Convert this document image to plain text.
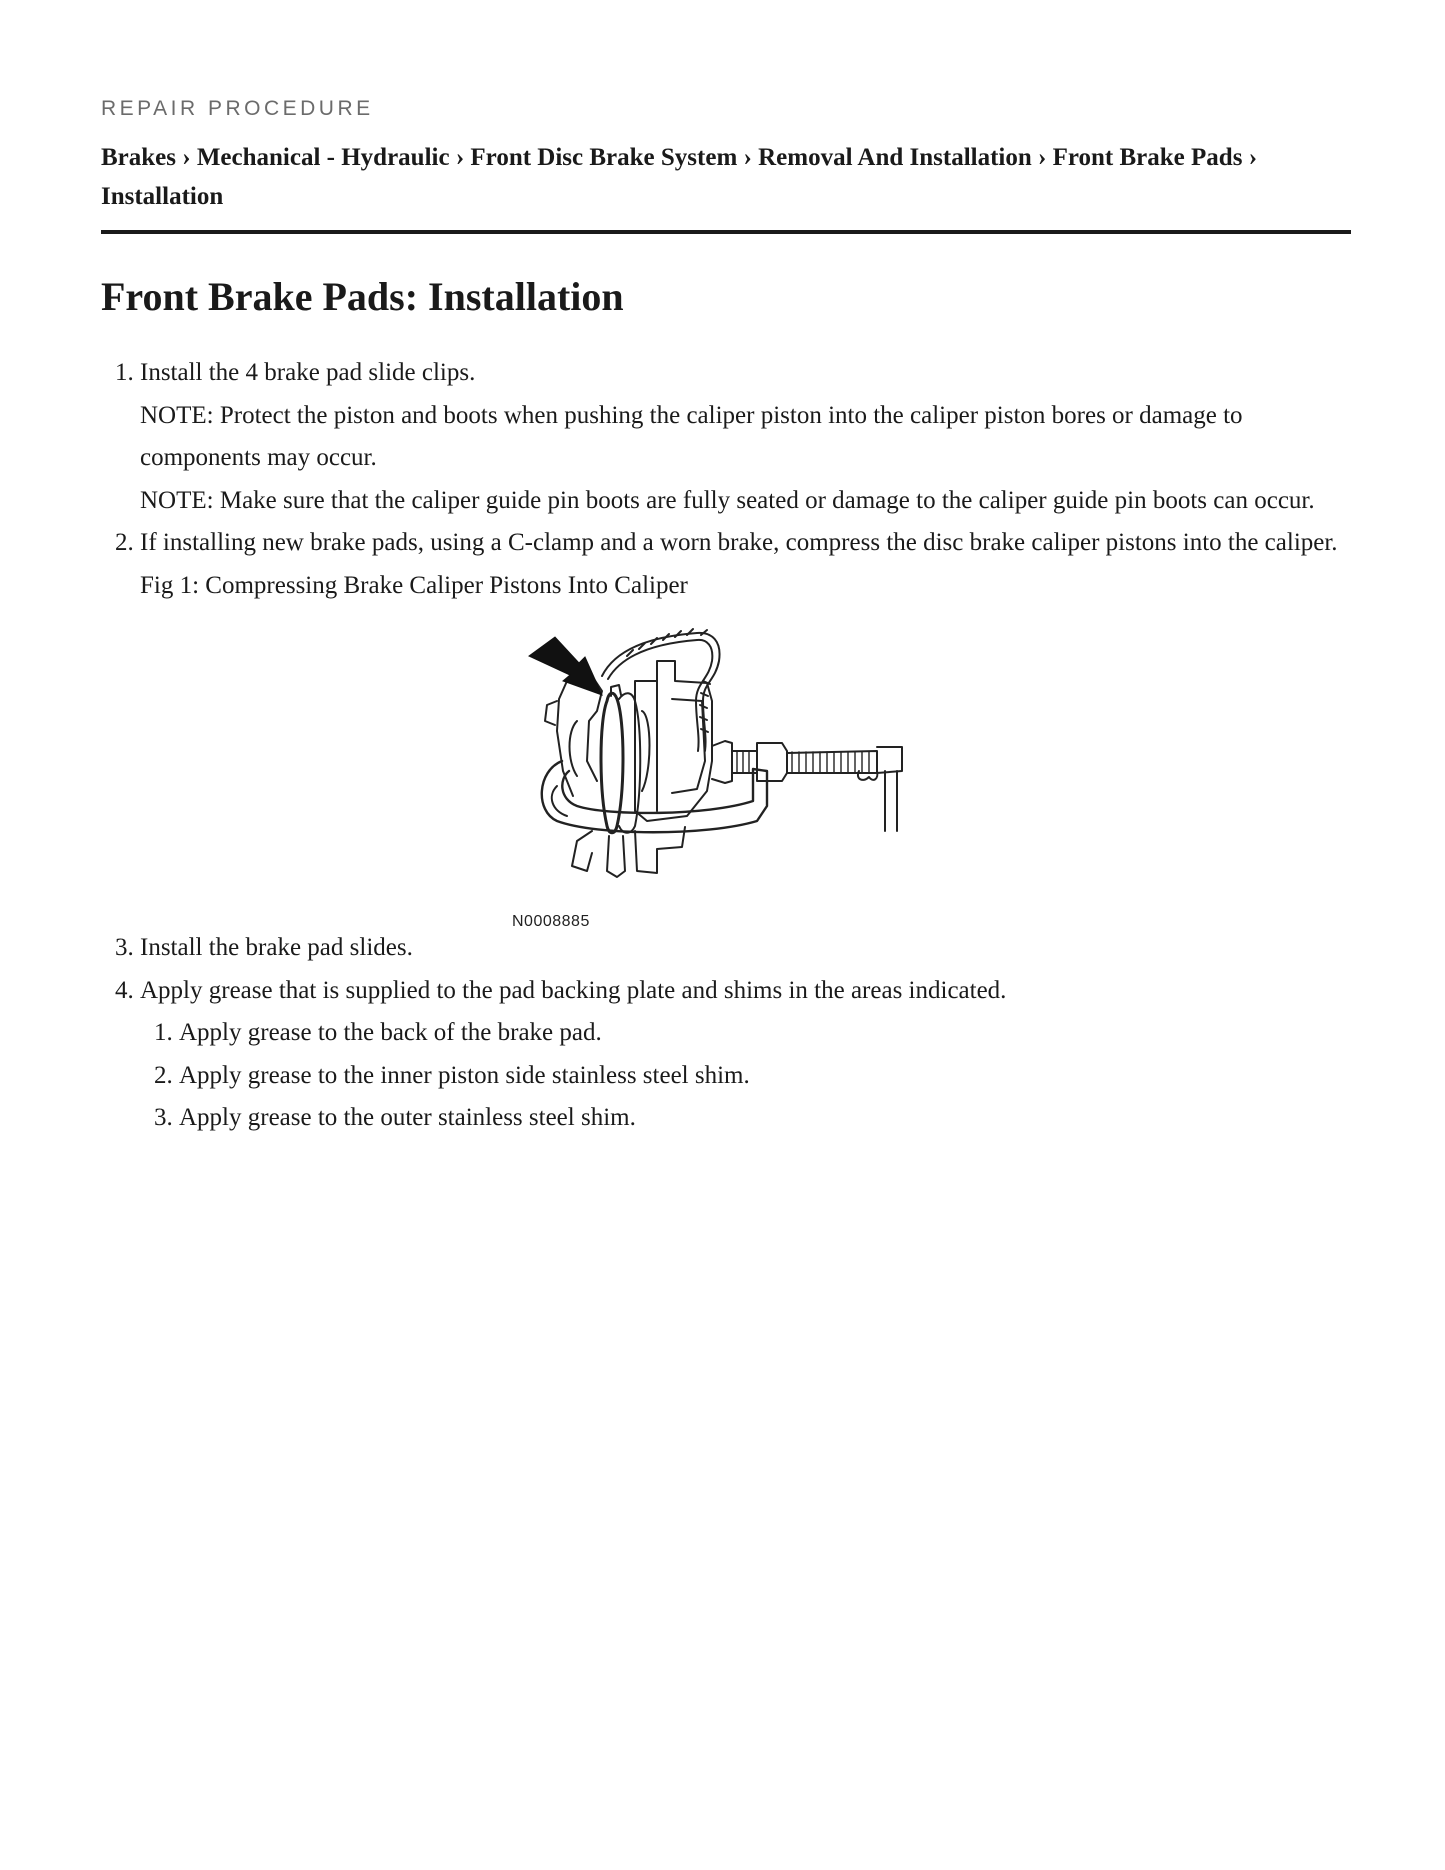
REPAIR PROCEDURE

Brakes › Mechanical - Hydraulic › Front Disc Brake System › Removal And Installation › Front Brake Pads › Installation
Front Brake Pads: Installation
1. Install the 4 brake pad slide clips.
NOTE: Protect the piston and boots when pushing the caliper piston into the caliper piston bores or damage to components may occur.
NOTE: Make sure that the caliper guide pin boots are fully seated or damage to the caliper guide pin boots can occur.
2. If installing new brake pads, using a C-clamp and a worn brake, compress the disc brake caliper pistons into the caliper.
Fig 1: Compressing Brake Caliper Pistons Into Caliper
N0008885
3. Install the brake pad slides.
4. Apply grease that is supplied to the pad backing plate and shims in the areas indicated.
1. Apply grease to the back of the brake pad.
2. Apply grease to the inner piston side stainless steel shim.
3. Apply grease to the outer stainless steel shim.
